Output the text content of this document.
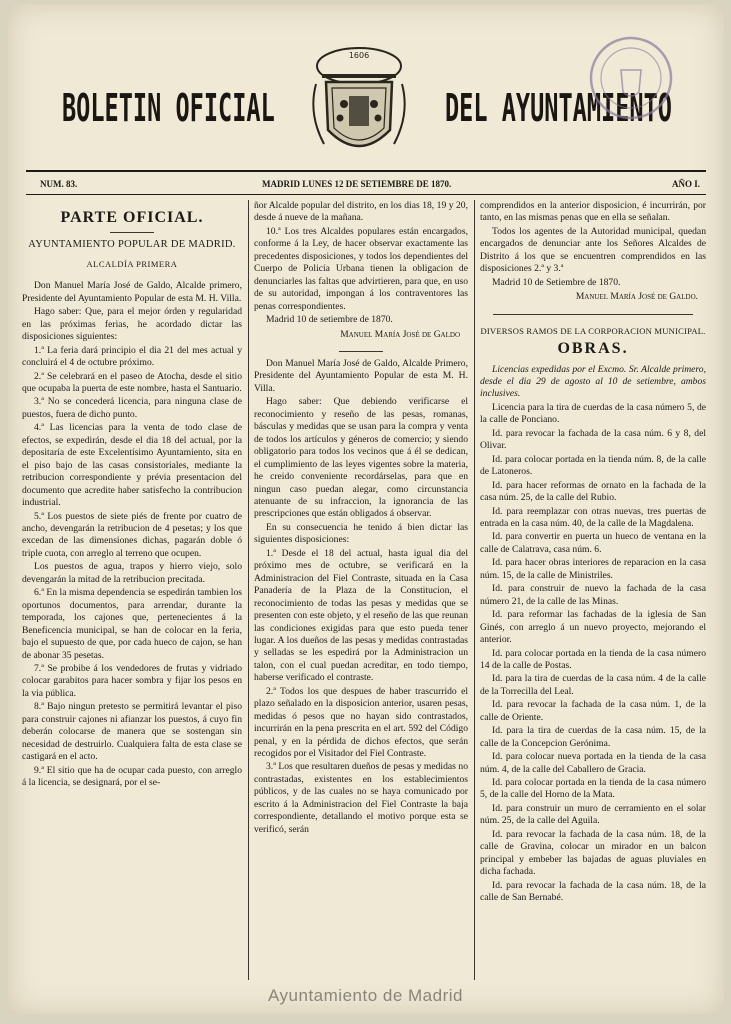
BOLETIN OFICIAL
1606
DEL AYUNTAMIENTO
NUM. 83.	MADRID LUNES 12 DE SETIEMBRE DE 1870.	AÑO I.

PARTE OFICIAL.

AYUNTAMIENTO POPULAR DE MADRID.

ALCALDÍA PRIMERA

Don Manuel María José de Galdo, Alcalde primero, Presidente del Ayuntamiento Popular de esta M. H. Villa.

Hago saber: Que, para el mejor órden y regularidad en las próximas ferias, he acordado dictar las disposiciones siguientes:

1.ª La feria dará principio el dia 21 del mes actual y concluirá el 4 de octubre próximo.

2.ª Se celebrará en el paseo de Atocha, desde el sitio que ocupaba la puerta de este nombre, hasta el Santuario.

3.ª No se concederá licencia, para ninguna clase de puestos, fuera de dicho punto.

4.ª Las licencias para la venta de todo clase de efectos, se expedirán, desde el dia 18 del actual, por la depositaría de este Excelentísimo Ayuntamiento, sita en el piso bajo de las casas consistoriales, mediante la retribucion correspondiente y prévia presentacion del documento que acredite haber satisfecho la contribucion industrial.

5.ª Los puestos de siete piés de frente por cuatro de ancho, devengarán la retribucion de 4 pesetas; y los que excedan de las dimensiones dichas, pagarán doble ó triple cuota, con arreglo al terreno que ocupen.

Los puestos de agua, trapos y hierro viejo, solo devengarán la mitad de la retribucion precitada.

6.ª En la misma dependencia se espedirán tambien los oportunos documentos, para arrendar, durante la temporada, los cajones que, pertenecientes á la Beneficencia municipal, se han de colocar en la feria, bajo el supuesto de que, por cada hueco de cajon, se han de abonar 35 pesetas.

7.ª Se probibe á los vendedores de frutas y vidriado colocar garabitos para hacer sombra y fijar los pesos en la via pública.

8.ª Bajo ningun pretesto se permitirá levantar el piso para construir cajones ni afianzar los puestos, á cuyo fin deberán colocarse de manera que se sostengan sin necesidad de destruirlo. Cualquiera falta de esta clase se castigará en el acto.

9.ª El sitio que ha de ocupar cada puesto, con arreglo á la licencia, se designará, por el se-

ñor Alcalde popular del distrito, en los dias 18, 19 y 20, desde á nueve de la mañana.

10.ª Los tres Alcaldes populares están encargados, conforme á la Ley, de hacer observar exactamente las precedentes disposiciones, y todos los dependientes del Cuerpo de Policía Urbana tienen la obligacion de denunciarles las faltas que advirtieren, para que, en uso de su autoridad, impongan á los contraventores las penas correspondientes.

Madrid 10 de setiembre de 1870.

Manuel María José de Galdo

Don Manuel María José de Galdo, Alcalde Primero, Presidente del Ayuntamiento Popular de esta M. H. Villa.

Hago saber: Que debiendo verificarse el reconocimiento y reseño de las pesas, romanas, básculas y medidas que se usan para la compra y venta de todos los artículos y géneros de comercio; y siendo obligatorio para todos los vecinos que á él se dedican, el cumplimiento de las leyes vigentes sobre la materia, he creido conveniente recordárselas, para que en ningun caso puedan alegar, como circunstancia atenuante de su infraccion, la ignorancia de las prescripciones que están obligados á observar.

En su consecuencia he tenido á bien dictar las siguientes disposiciones:

1.ª Desde el 18 del actual, hasta igual dia del próximo mes de octubre, se verificará en la Administracion del Fiel Contraste, situada en la Casa Panadería de la Plaza de la Constitucion, el reconocimiento de todas las pesas y medidas que se presenten con este objeto, y el reseño de las que reunan las condiciones exigidas para que esto pueda tener lugar. A los dueños de las pesas y medidas contrastadas y selladas se les espedirá por la Administracion un talon, con el cual puedan acreditar, en todo tiempo, haberse verificado el contraste.

2.ª Todos los que despues de haber trascurrido el plazo señalado en la disposicion anterior, usaren pesas, medidas ó pesos que no hayan sido contrastados, incurrirán en la pena prescrita en el art. 592 del Código penal, y en la pérdida de dichos efectos, que serán recogidos por el Visitador del Fiel Contraste.

3.ª Los que resultaren dueños de pesas y medidas no contrastadas, existentes en los establecimientos públicos, y de las cuales no se haya comunicado por escrito á la Administracion del Fiel Contraste la baja correspondiente, detallando el motivo porque esta se verificó, serán

comprendidos en la anterior disposicion, é incurrirán, por tanto, en las mismas penas que en ella se señalan.

Todos los agentes de la Autoridad municipal, quedan encargados de denunciar ante los Señores Alcaldes de Distrito á los que se encuentren comprendidos en las disposiciones 2.ª y 3.ª

Madrid 10 de Setiembre de 1870.

Manuel María José de Galdo.

DIVERSOS RAMOS DE LA CORPORACION MUNICIPAL.

OBRAS.

Licencias expedidas por el Excmo. Sr. Alcalde primero, desde el dia 29 de agosto al 10 de setiembre, ambos inclusives.

Licencia para la tira de cuerdas de la casa número 5, de la calle de Ponciano.

Id. para revocar la fachada de la casa núm. 6 y 8, del Olivar.

Id. para colocar portada en la tienda núm. 8, de la calle de Latoneros.

Id. para hacer reformas de ornato en la fachada de la casa núm. 25, de la calle del Rubio.

Id. para reemplazar con otras nuevas, tres puertas de entrada en la casa núm. 40, de la calle de la Magdalena.

Id. para convertir en puerta un hueco de ventana en la calle de Calatrava, casa núm. 6.

Id. para hacer obras interiores de reparacion en la casa núm. 15, de la calle de Ministriles.

Id. para construir de nuevo la fachada de la casa número 21, de la calle de las Minas.

Id. para reformar las fachadas de la iglesia de San Ginés, con arreglo á un nuevo proyecto, mejorando el anterior.

Id. para colocar portada en la tienda de la casa número 14 de la calle de Postas.

Id. para la tira de cuerdas de la casa núm. 4 de la calle de la Torrecilla del Leal.

Id. para revocar la fachada de la casa núm. 1, de la calle de Oriente.

Id. para la tira de cuerdas de la casa núm. 15, de la calle de la Concepcion Gerónima.

Id. para colocar nueva portada en la tienda de la casa núm. 4, de la calle del Caballero de Gracia.

Id. para colocar portada en la tienda de la casa número 5, de la calle del Horno de la Mata.

Id. para construir un muro de cerramiento en el solar núm. 25, de la calle del Aguila.

Id. para revocar la fachada de la casa núm. 18, de la calle de Gravina, colocar un mirador en un balcon principal y embeber las bajadas de aguas pluviales en dicha fachada.

Id. para revocar la fachada de la casa núm. 18, de la calle de San Bernabé.

Ayuntamiento de Madrid
